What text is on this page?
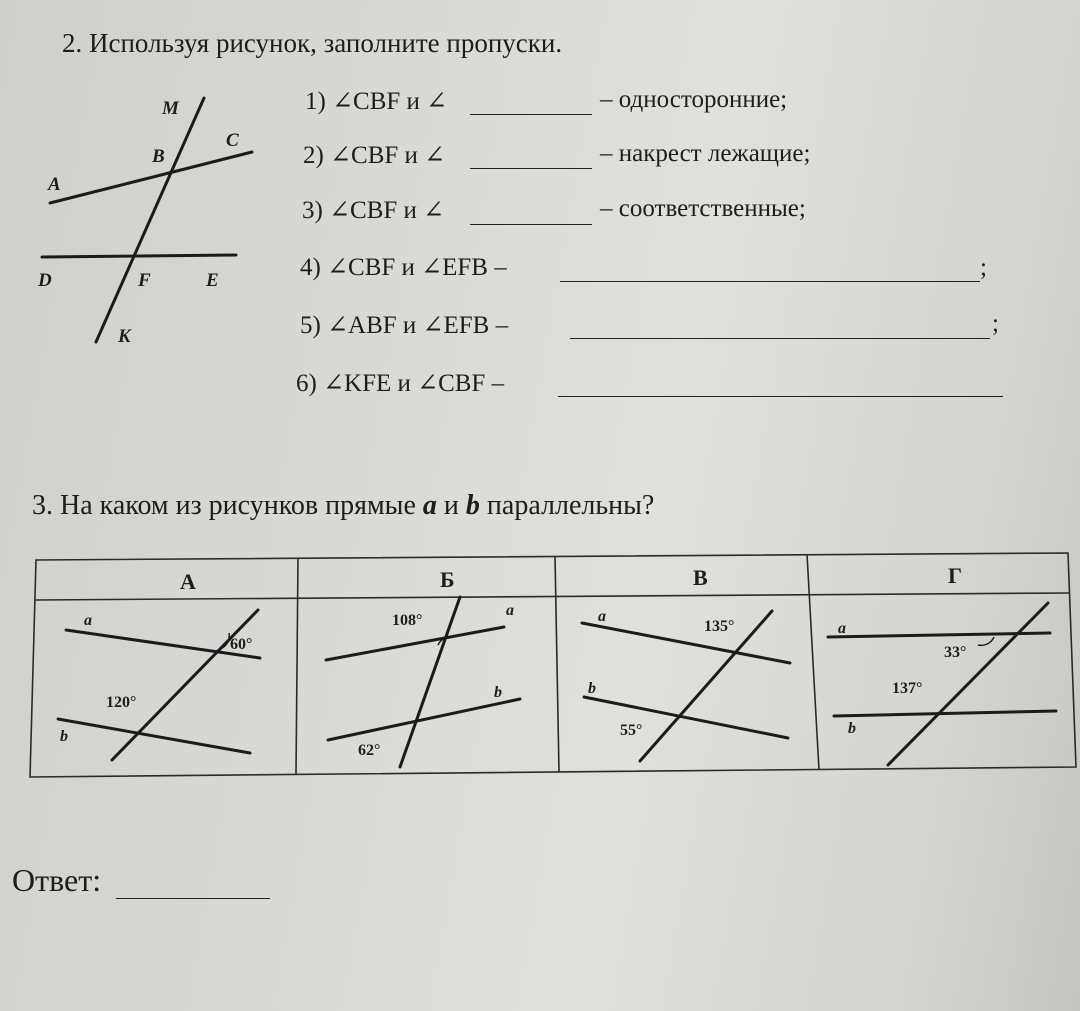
2. Используя рисунок, заполните пропуски.
M
B
C
A
D	F	E
K
1) ∠CBF и ∠	– односторонние;
2) ∠CBF и ∠	– накрест лежащие;
3) ∠CBF и ∠	– соответственные;
4) ∠CBF и ∠EFB –	;
5) ∠ABF и ∠EFB –	;
6) ∠KFE и ∠CBF –
3. На каком из рисунков прямые a и b параллельны?
А	Б	В	Г
a
b
60°
120°
a
b
108°
62°
a
b
135°
55°
a
b
33°
137°
Ответ:
